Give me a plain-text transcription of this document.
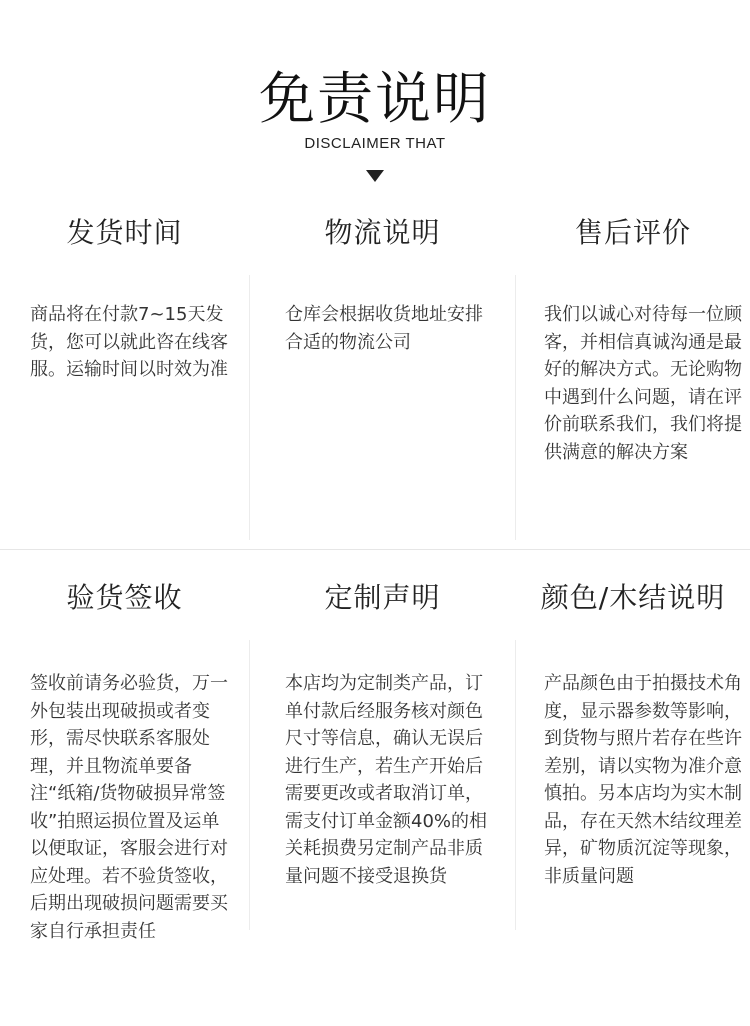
免责说明
DISCLAIMER THAT
发货时间
商品将在付款7~15天发货，您可以就此咨在线客服。运输时间以时效为准
物流说明
仓库会根据收货地址安排合适的物流公司
售后评价
我们以诚心对待每一位顾客，并相信真诚沟通是最好的解决方式。无论购物中遇到什么问题，请在评价前联系我们，我们将提供满意的解决方案
验货签收
签收前请务必验货，万一外包装出现破损或者变形，需尽快联系客服处理，并且物流单要备注“纸箱/货物破损异常签收”拍照运损位置及运单以便取证，客服会进行对应处理。若不验货签收，后期出现破损问题需要买家自行承担责任
定制声明
本店均为定制类产品，订单付款后经服务核对颜色尺寸等信息，确认无误后进行生产，若生产开始后需要更改或者取消订单，需支付订单金额40%的相关耗损费另定制产品非质量问题不接受退换货
颜色/木结说明
产品颜色由于拍摄技术角度，显示器参数等影响，到货物与照片若存在些许差别，请以实物为准介意慎拍。另本店均为实木制品，存在天然木结纹理差异，矿物质沉淀等现象，非质量问题
